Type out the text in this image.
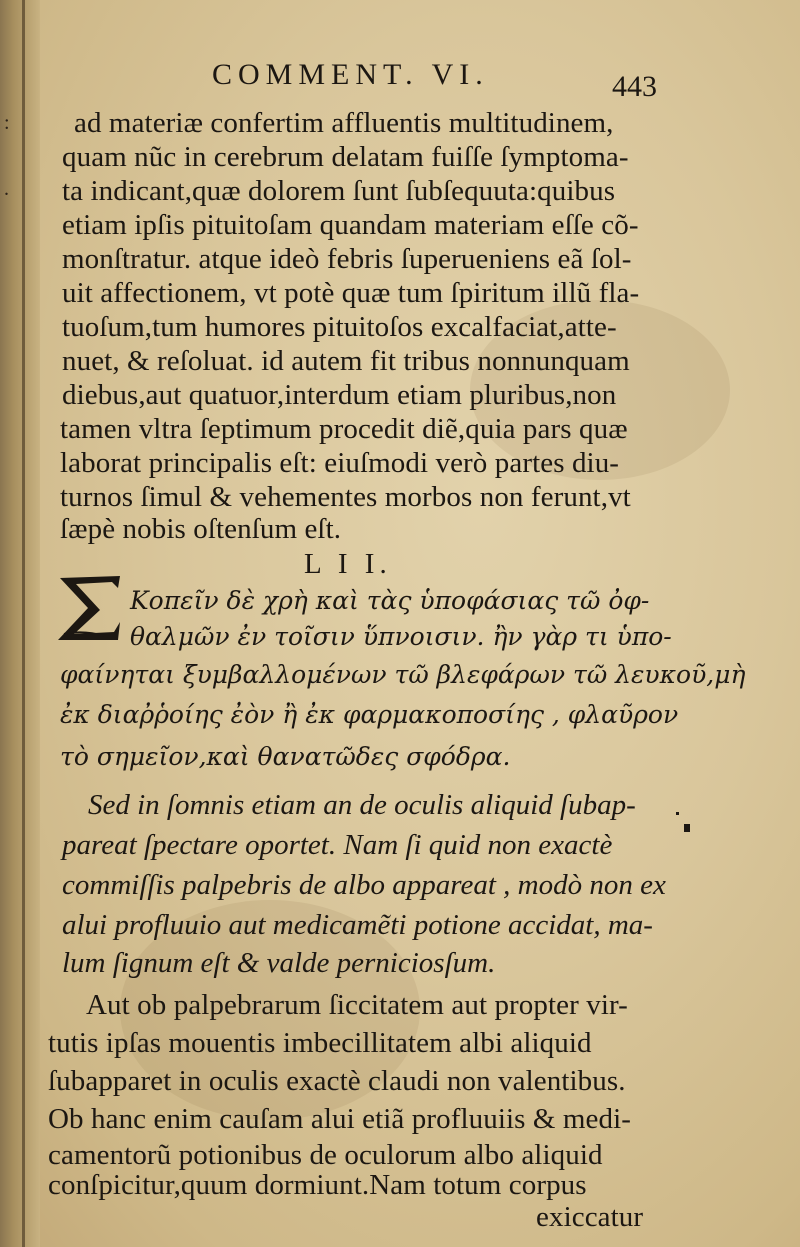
:
.
COMMENT. VI.	443
ad materiæ confertim affluentis multitudinem,
quam nũc in cerebrum delatam fuiſſe ſymptoma-
ta indicant,quæ dolorem ſunt ſubſequuta:quibus
etiam ipſis pituitoſam quandam materiam eſſe cõ-
monſtratur. atque ideò febris ſuperueniens eã ſol-
uit affectionem, vt potè quæ tum ſpiritum illũ fla-
tuoſum,tum humores pituitoſos excalfaciat,atte-
nuet, & reſoluat. id autem fit tribus nonnunquam
diebus,aut quatuor,interdum etiam pluribus,non
tamen vltra ſeptimum procedit diẽ,quia pars quæ
laborat principalis eſt: eiuſmodi verò partes diu-
turnos ſimul & vehementes morbos non ferunt,vt
ſæpè nobis oſtenſum eſt.
L I I.
Κοπεῖν δὲ χρὴ καὶ τὰς ὑποφάσιας τῶ ὀφ-
θαλμῶν ἐν τοῖσιν ὕπνοισιν. ἢν γὰρ τι ὑπο-
φαίνηται ξυμβαλλομένων τῶ βλεφάρων τῶ λευκοῦ,μὴ
ἐκ διαῤῥοίης ἐὸν ἢ ἐκ φαρμακοποσίης , φλαῦρον
τὸ σημεῖον,καὶ θανατῶδες σφόδρα.
Sed in ſomnis etiam an de oculis aliquid ſubap-
pareat ſpectare oportet. Nam ſi quid non exactè
commiſſis palpebris de albo appareat , modò non ex
alui profluuio aut medicamẽti potione accidat, ma-
lum ſignum eſt & valde perniciosſum.
Aut ob palpebrarum ſiccitatem aut propter vir-
tutis ipſas mouentis imbecillitatem albi aliquid
ſubapparet in oculis exactè claudi non valentibus.
Ob hanc enim cauſam alui etiã profluuiis & medi-
camentorũ potionibus de oculorum albo aliquid
conſpicitur,quum dormiunt.Nam totum corpus
exiccatur
